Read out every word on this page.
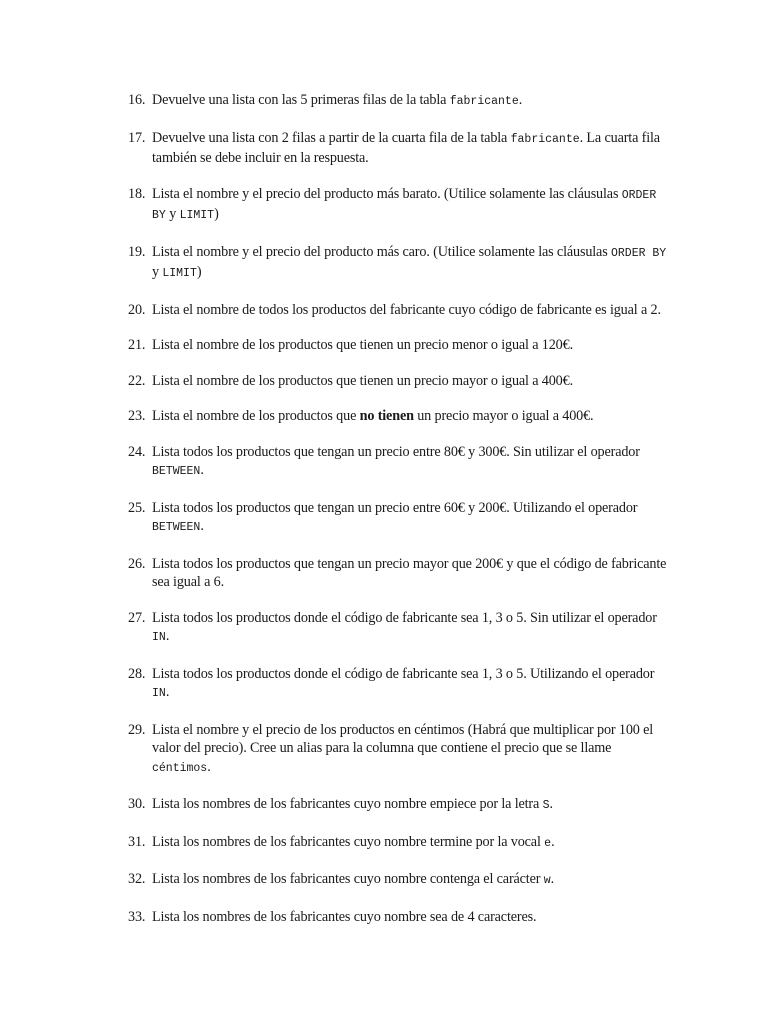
16. Devuelve una lista con las 5 primeras filas de la tabla fabricante.
17. Devuelve una lista con 2 filas a partir de la cuarta fila de la tabla fabricante. La cuarta fila también se debe incluir en la respuesta.
18. Lista el nombre y el precio del producto más barato. (Utilice solamente las cláusulas ORDER BY y LIMIT)
19. Lista el nombre y el precio del producto más caro. (Utilice solamente las cláusulas ORDER BY y LIMIT)
20. Lista el nombre de todos los productos del fabricante cuyo código de fabricante es igual a 2.
21. Lista el nombre de los productos que tienen un precio menor o igual a 120€.
22. Lista el nombre de los productos que tienen un precio mayor o igual a 400€.
23. Lista el nombre de los productos que no tienen un precio mayor o igual a 400€.
24. Lista todos los productos que tengan un precio entre 80€ y 300€. Sin utilizar el operador BETWEEN.
25. Lista todos los productos que tengan un precio entre 60€ y 200€. Utilizando el operador BETWEEN.
26. Lista todos los productos que tengan un precio mayor que 200€ y que el código de fabricante sea igual a 6.
27. Lista todos los productos donde el código de fabricante sea 1, 3 o 5. Sin utilizar el operador IN.
28. Lista todos los productos donde el código de fabricante sea 1, 3 o 5. Utilizando el operador IN.
29. Lista el nombre y el precio de los productos en céntimos (Habrá que multiplicar por 100 el valor del precio). Cree un alias para la columna que contiene el precio que se llame céntimos.
30. Lista los nombres de los fabricantes cuyo nombre empiece por la letra S.
31. Lista los nombres de los fabricantes cuyo nombre termine por la vocal e.
32. Lista los nombres de los fabricantes cuyo nombre contenga el carácter w.
33. Lista los nombres de los fabricantes cuyo nombre sea de 4 caracteres.
